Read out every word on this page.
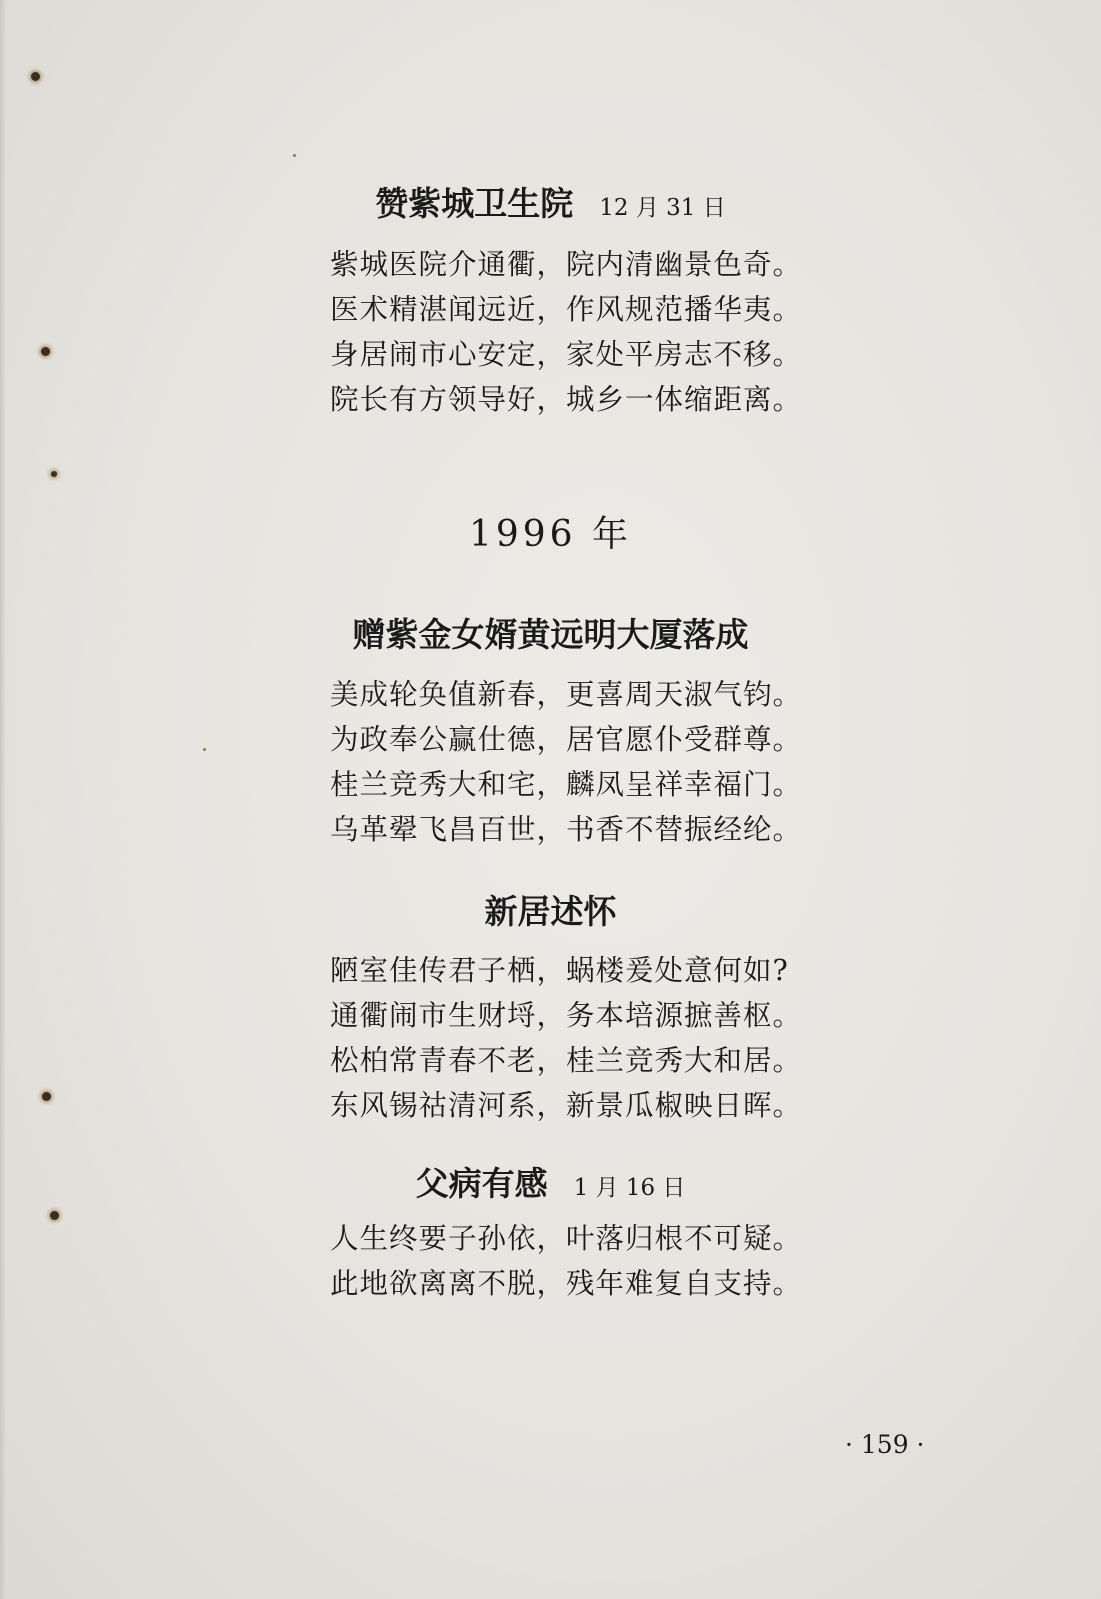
赞紫城卫生院 12 月 31 日
紫城医院介通衢，院内清幽景色奇。
医术精湛闻远近，作风规范播华夷。
身居闹市心安定，家处平房志不移。
院长有方领导好，城乡一体缩距离。
1996 年
赠紫金女婿黄远明大厦落成
美成轮奂值新春，更喜周天淑气钧。
为政奉公赢仕德，居官愿仆受群尊。
桂兰竞秀大和宅，麟凤呈祥幸福门。
乌革翚飞昌百世，书香不替振经纶。
新居述怀
陋室佳传君子栖，蜗楼爰处意何如?
通衢闹市生财埒，务本培源摭善枢。
松柏常青春不老，桂兰竞秀大和居。
东风锡祜清河系，新景瓜椒映日晖。
父病有感 1 月 16 日
人生终要子孙依，叶落归根不可疑。
此地欲离离不脱，残年难复自支持。
· 159 ·
